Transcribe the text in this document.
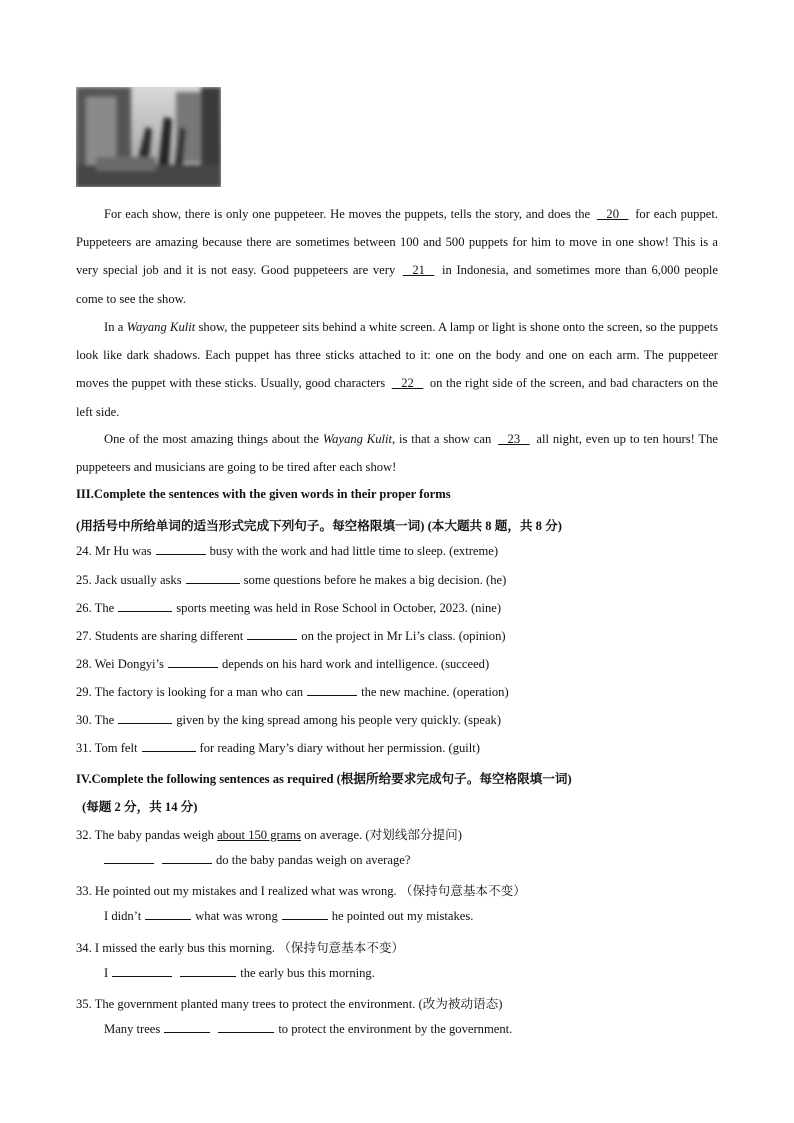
For each show, there is only one puppeteer. He moves the puppets, tells the story, and does the    20    for each puppet. Puppeteers are amazing because there are sometimes between 100 and 500 puppets for him to move in one show! This is a very special job and it is not easy. Good puppeteers are very    21    in Indonesia, and sometimes more than 6,000 people come to see the show.
In a Wayang Kulit show, the puppeteer sits behind a white screen. A lamp or light is shone onto the screen, so the puppets look like dark shadows. Each puppet has three sticks attached to it: one on the body and one on each arm. The puppeteer moves the puppet with these sticks. Usually, good characters    22    on the right side of the screen, and bad characters on the left side.
One of the most amazing things about the Wayang Kulit, is that a show can    23    all night, even up to ten hours! The puppeteers and musicians are going to be tired after each show!
III.Complete the sentences with the given words in their proper forms
(用括号中所给单词的适当形式完成下列句子。每空格限填一词) (本大题共 8 题，共 8 分)
24. Mr Hu was	busy with the work and had little time to sleep. (extreme)
25. Jack usually asks	some questions before he makes a big decision. (he)
26. The	sports meeting was held in Rose School in October, 2023. (nine)
27. Students are sharing different	on the project in Mr Li’s class. (opinion)
28. Wei Dongyi’s	depends on his hard work and intelligence. (succeed)
29. The factory is looking for a man who can	the new machine. (operation)
30. The	given by the king spread among his people very quickly. (speak)
31. Tom felt	for reading Mary’s diary without her permission. (guilt)
IV.Complete the following sentences as required (根据所给要求完成句子。每空格限填一词)
(每题 2 分，共 14 分)
32. The baby pandas weigh about 150 grams on average. (对划线部分提问)
do the baby pandas weigh on average?
33. He pointed out my mistakes and I realized what was wrong. （保持句意基本不变）
I didn’t	what was wrong	he pointed out my mistakes.
34. I missed the early bus this morning. （保持句意基本不变）
I	the early bus this morning.
35. The government planted many trees to protect the environment. (改为被动语态)
Many trees	to protect the environment by the government.
